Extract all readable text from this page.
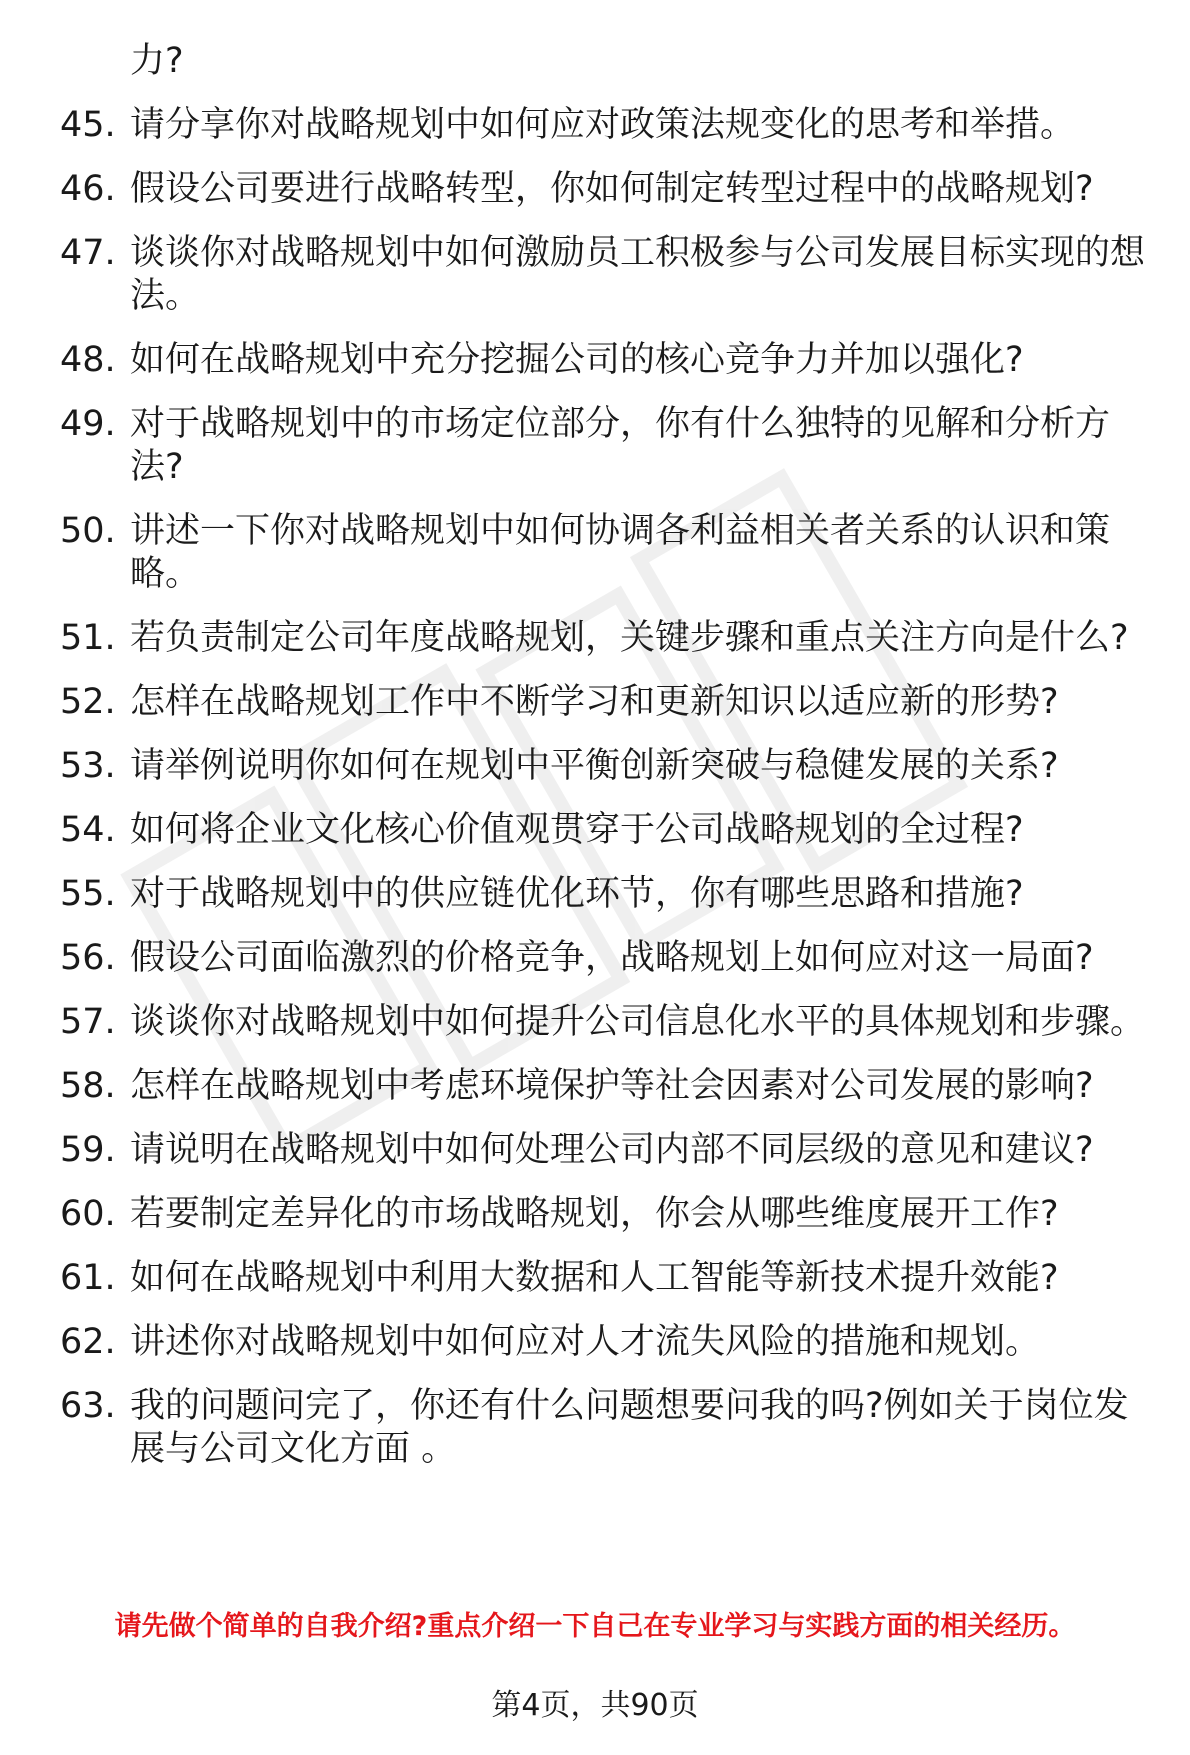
力?
45. 请分享你对战略规划中如何应对政策法规变化的思考和举措。
46. 假设公司要进行战略转型，你如何制定转型过程中的战略规划?
47. 谈谈你对战略规划中如何激励员工积极参与公司发展目标实现的想法。
48. 如何在战略规划中充分挖掘公司的核心竞争力并加以强化?
49. 对于战略规划中的市场定位部分，你有什么独特的见解和分析方法?
50. 讲述一下你对战略规划中如何协调各利益相关者关系的认识和策略。
51. 若负责制定公司年度战略规划，关键步骤和重点关注方向是什么?
52. 怎样在战略规划工作中不断学习和更新知识以适应新的形势?
53. 请举例说明你如何在规划中平衡创新突破与稳健发展的关系?
54. 如何将企业文化核心价值观贯穿于公司战略规划的全过程?
55. 对于战略规划中的供应链优化环节，你有哪些思路和措施?
56. 假设公司面临激烈的价格竞争，战略规划上如何应对这一局面?
57. 谈谈你对战略规划中如何提升公司信息化水平的具体规划和步骤。
58. 怎样在战略规划中考虑环境保护等社会因素对公司发展的影响?
59. 请说明在战略规划中如何处理公司内部不同层级的意见和建议?
60. 若要制定差异化的市场战略规划，你会从哪些维度展开工作?
61. 如何在战略规划中利用大数据和人工智能等新技术提升效能?
62. 讲述你对战略规划中如何应对人才流失风险的措施和规划。
63. 我的问题问完了，你还有什么问题想要问我的吗?例如关于岗位发展与公司文化方面 。
请先做个简单的自我介绍?重点介绍一下自己在专业学习与实践方面的相关经历。
第4页，共90页
